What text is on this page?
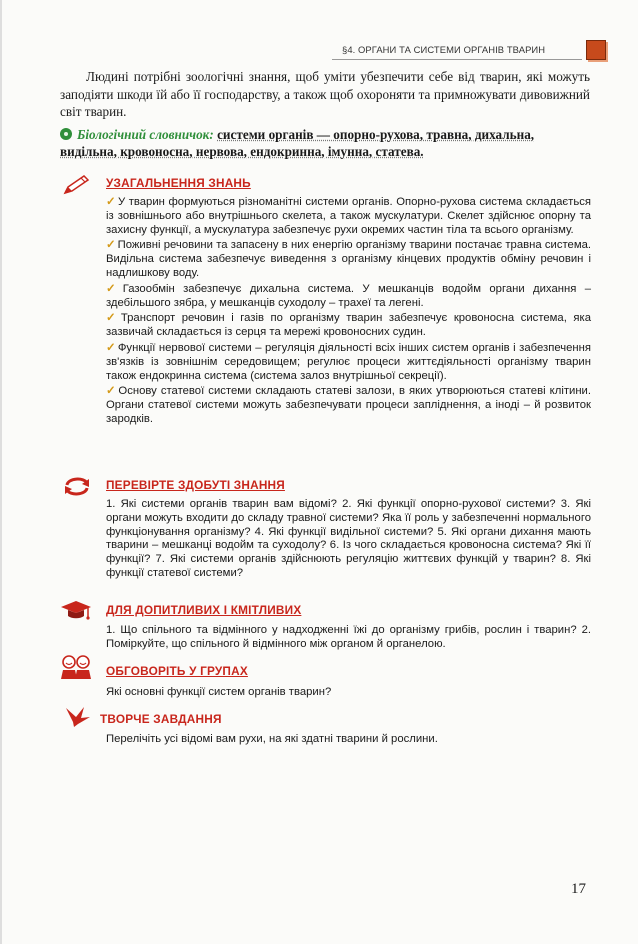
§4. ОРГАНИ ТА СИСТЕМИ ОРГАНІВ ТВАРИН
Людині потрібні зоологічні знання, щоб уміти убезпечити себе від тварин, які можуть заподіяти шкоди їй або її господарству, а також щоб охороняти та примножувати дивовижний світ тварин.
Біологічний словничок: системи органів — опорно-рухова, травна, дихальна, видільна, кровоносна, нервова, ендокринна, імунна, статева.
УЗАГАЛЬНЕННЯ ЗНАНЬ

✓ У тварин формуються різноманітні системи органів. Опорно-рухова система складається із зовнішнього або внутрішнього скелета, а також мускулатури. Скелет здійснює опорну та захисну функції, а мускулатура забезпечує рухи окремих частин тіла та всього організму.

✓ Поживні речовини та запасену в них енергію організму тварини постачає травна система. Видільна система забезпечує виведення з організму кінцевих продуктів обміну речовин і надлишкову воду.

✓ Газообмін забезпечує дихальна система. У мешканців водойм органи дихання – здебільшого зябра, у мешканців суходолу – трахеї та легені.

✓ Транспорт речовин і газів по організму тварин забезпечує кровоносна система, яка зазвичай складається із серця та мережі кровоносних судин.

✓ Функції нервової системи – регуляція діяльності всіх інших систем органів і забезпечення зв'язків із зовнішнім середовищем; регулює процеси життєдіяльності організму тварин також ендокринна система (система залоз внутрішньої секреції).

✓ Основу статевої системи складають статеві залози, в яких утворюються статеві клітини. Органи статевої системи можуть забезпечувати процеси запліднення, а іноді – й розвиток зародків.

ПЕРЕВІРТЕ ЗДОБУТІ ЗНАННЯ
1. Які системи органів тварин вам відомі? 2. Які функції опорно-рухової системи? 3. Які органи можуть входити до складу травної системи? Яка її роль у забезпеченні нормального функціонування організму? 4. Які функції видільної системи? 5. Які органи дихання мають тварини – мешканці водойм та суходолу? 6. Із чого складається кровоносна система? Які її функції? 7. Які системи органів здійснюють регуляцію життєвих функцій у тварин? 8. Які функції статевої системи?
ДЛЯ ДОПИТЛИВИХ І КМІТЛИВИХ
1. Що спільного та відмінного у надходженні їжі до організму грибів, рослин і тварин? 2. Поміркуйте, що спільного й відмінного між органом й органелою.
ОБГОВОРІТЬ У ГРУПАХ
Які основні функції систем органів тварин?
ТВОРЧЕ ЗАВДАННЯ
Перелічіть усі відомі вам рухи, на які здатні тварини й рослини.
17
